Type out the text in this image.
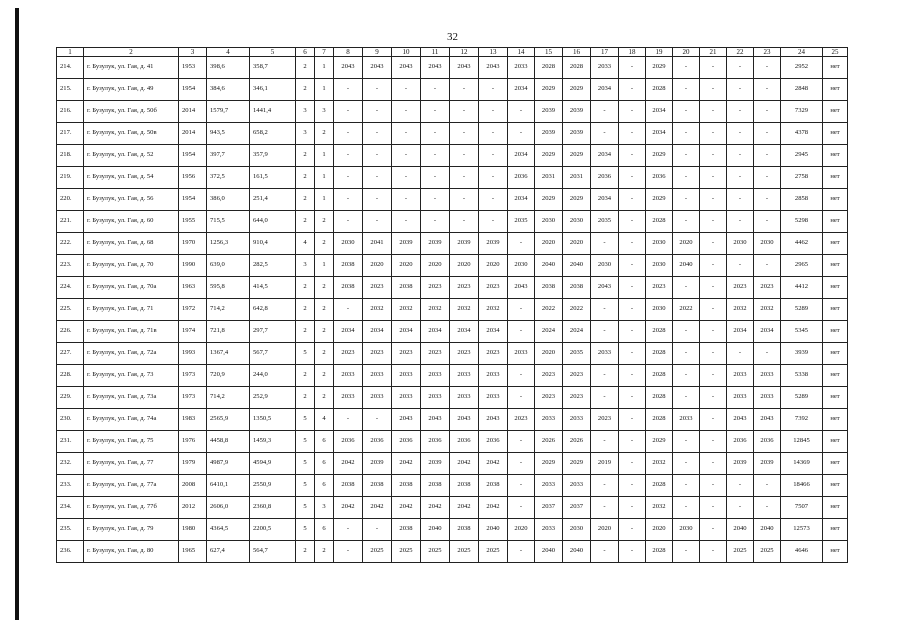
32
1	2	3	4	5	6	7	8	9	10	11	12	13	14	15	16	17	18	19	20	21	22	23	24	25
214.	г. Бузулук, ул. Гая, д. 41	1953	398,6	358,7	2	1	2043	2043	2043	2043	2043	2043	2033	2028	2028	2033	-	2029	-	-	-	-	2952	нет
215.	г. Бузулук, ул. Гая, д. 49	1954	384,6	346,1	2	1	-	-	-	-	-	-	2034	2029	2029	2034	-	2028	-	-	-	-	2848	нет
216.	г. Бузулук, ул. Гая, д. 50б	2014	1579,7	1441,4	3	3	-	-	-	-	-	-	-	2039	2039	-	-	2034	-	-	-	-	7329	нет
217.	г. Бузулук, ул. Гая, д. 50в	2014	943,5	658,2	3	2	-	-	-	-	-	-	-	2039	2039	-	-	2034	-	-	-	-	4378	нет
218.	г. Бузулук, ул. Гая, д. 52	1954	397,7	357,9	2	1	-	-	-	-	-	-	2034	2029	2029	2034	-	2029	-	-	-	-	2945	нет
219.	г. Бузулук, ул. Гая, д. 54	1956	372,5	161,5	2	1	-	-	-	-	-	-	2036	2031	2031	2036	-	2036	-	-	-	-	2758	нет
220.	г. Бузулук, ул. Гая, д. 56	1954	386,0	251,4	2	1	-	-	-	-	-	-	2034	2029	2029	2034	-	2029	-	-	-	-	2858	нет
221.	г. Бузулук, ул. Гая, д. 60	1955	715,5	644,0	2	2	-	-	-	-	-	-	2035	2030	2030	2035	-	2028	-	-	-	-	5298	нет
222.	г. Бузулук, ул. Гая, д. 68	1970	1256,3	910,4	4	2	2030	2041	2039	2039	2039	2039	-	2020	2020	-	-	2030	2020	-	2030	2030	4462	нет
223.	г. Бузулук, ул. Гая, д. 70	1990	639,0	282,5	3	1	2038	2020	2020	2020	2020	2020	2030	2040	2040	2030	-	2030	2040	-	-	-	2965	нет
224.	г. Бузулук, ул. Гая, д. 70а	1963	595,8	414,5	2	2	2038	2023	2038	2023	2023	2023	2043	2038	2038	2043	-	2023	-	-	2023	2023	4412	нет
225.	г. Бузулук, ул. Гая, д. 71	1972	714,2	642,8	2	2	-	2032	2032	2032	2032	2032	-	2022	2022	-	-	2030	2022	-	2032	2032	5289	нет
226.	г. Бузулук, ул. Гая, д. 71в	1974	721,8	297,7	2	2	2034	2034	2034	2034	2034	2034	-	2024	2024	-	-	2028	-	-	2034	2034	5345	нет
227.	г. Бузулук, ул. Гая, д. 72а	1993	1367,4	567,7	5	2	2023	2023	2023	2023	2023	2023	2033	2020	2035	2033	-	2028	-	-	-	-	3939	нет
228.	г. Бузулук, ул. Гая, д. 73	1973	720,9	244,0	2	2	2033	2033	2033	2033	2033	2033	-	2023	2023	-	-	2028	-	-	2033	2033	5338	нет
229.	г. Бузулук, ул. Гая, д. 73а	1973	714,2	252,9	2	2	2033	2033	2033	2033	2033	2033	-	2023	2023	-	-	2028	-	-	2033	2033	5289	нет
230.	г. Бузулук, ул. Гая, д. 74а	1983	2565,9	1350,5	5	4	-	-	2043	2043	2043	2043	2023	2033	2033	2023	-	2028	2033	-	2043	2043	7392	нет
231.	г. Бузулук, ул. Гая, д. 75	1976	4458,8	1459,3	5	6	2036	2036	2036	2036	2036	2036	-	2026	2026	-	-	2029	-	-	2036	2036	12845	нет
232.	г. Бузулук, ул. Гая, д. 77	1979	4987,9	4594,9	5	6	2042	2039	2042	2039	2042	2042	-	2029	2029	2019	-	2032	-	-	2039	2039	14369	нет
233.	г. Бузулук, ул. Гая, д. 77а	2008	6410,1	2550,9	5	6	2038	2038	2038	2038	2038	2038	-	2033	2033	-	-	2028	-	-	-	-	18466	нет
234.	г. Бузулук, ул. Гая, д. 77б	2012	2606,0	2360,8	5	3	2042	2042	2042	2042	2042	2042	-	2037	2037	-	-	2032	-	-	-	-	7507	нет
235.	г. Бузулук, ул. Гая, д. 79	1980	4364,5	2200,5	5	6	-	-	2038	2040	2038	2040	2020	2033	2030	2020	-	2020	2030	-	2040	2040	12573	нет
236.	г. Бузулук, ул. Гая, д. 80	1965	627,4	564,7	2	2	-	2025	2025	2025	2025	2025	-	2040	2040	-	-	2028	-	-	2025	2025	4646	нет
